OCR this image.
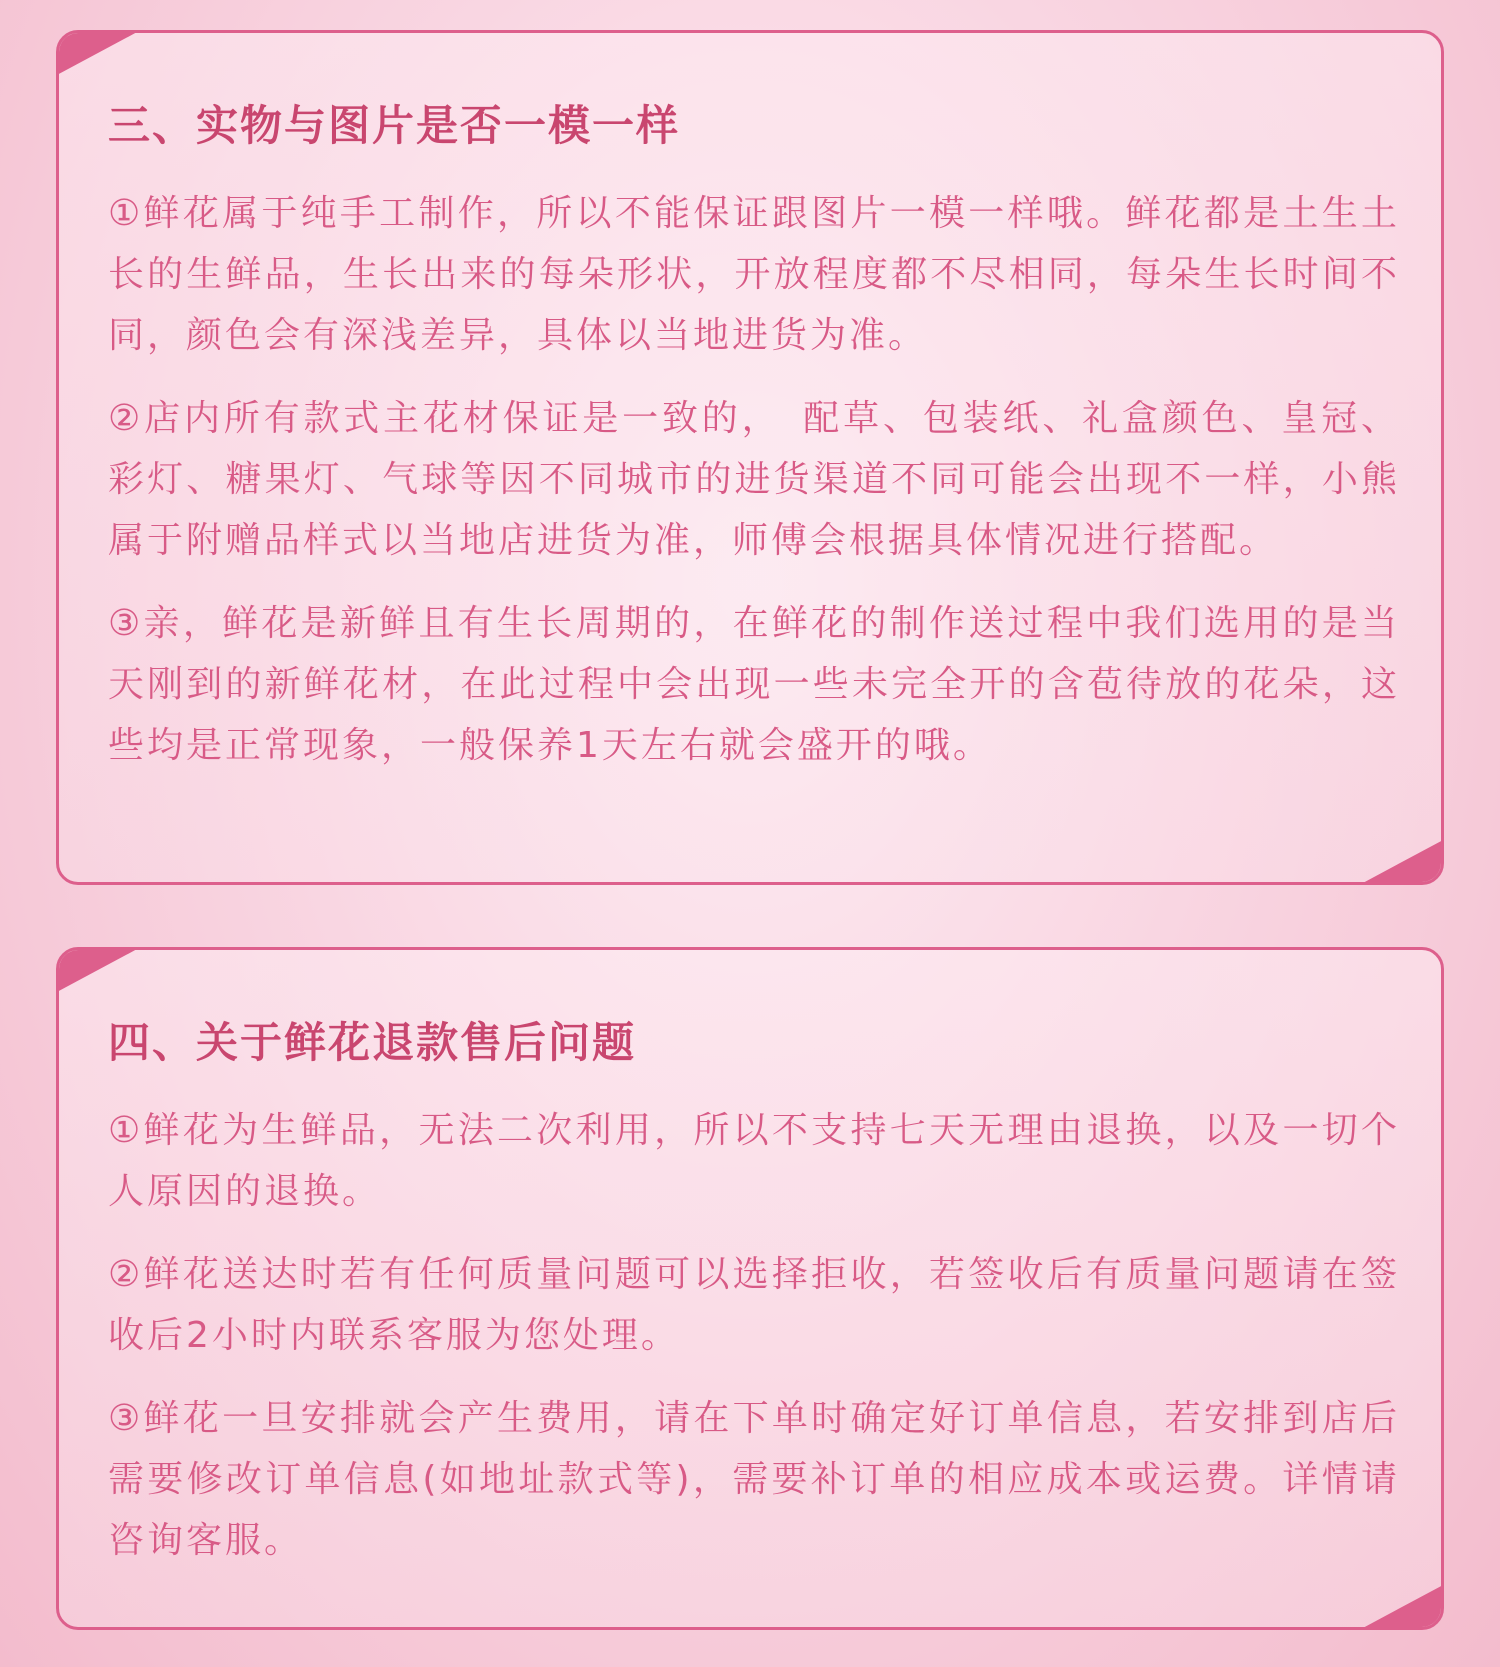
三、实物与图片是否一模一样

①鲜花属于纯手工制作，所以不能保证跟图片一模一样哦。鲜花都是土生土长的生鲜品，生长出来的每朵形状，开放程度都不尽相同，每朵生长时间不同，颜色会有深浅差异，具体以当地进货为准。

②店内所有款式主花材保证是一致的，　配草、包装纸、礼盒颜色、皇冠、彩灯、糖果灯、气球等因不同城市的进货渠道不同可能会出现不一样，小熊属于附赠品样式以当地店进货为准，师傅会根据具体情况进行搭配。

③亲，鲜花是新鲜且有生长周期的，在鲜花的制作送过程中我们选用的是当天刚到的新鲜花材，在此过程中会出现一些未完全开的含苞待放的花朵，这些均是正常现象，一般保养1天左右就会盛开的哦。

四、关于鲜花退款售后问题

①鲜花为生鲜品，无法二次利用，所以不支持七天无理由退换，以及一切个人原因的退换。

②鲜花送达时若有任何质量问题可以选择拒收，若签收后有质量问题请在签收后2小时内联系客服为您处理。

③鲜花一旦安排就会产生费用，请在下单时确定好订单信息，若安排到店后需要修改订单信息(如地址款式等)，需要补订单的相应成本或运费。详情请咨询客服。
